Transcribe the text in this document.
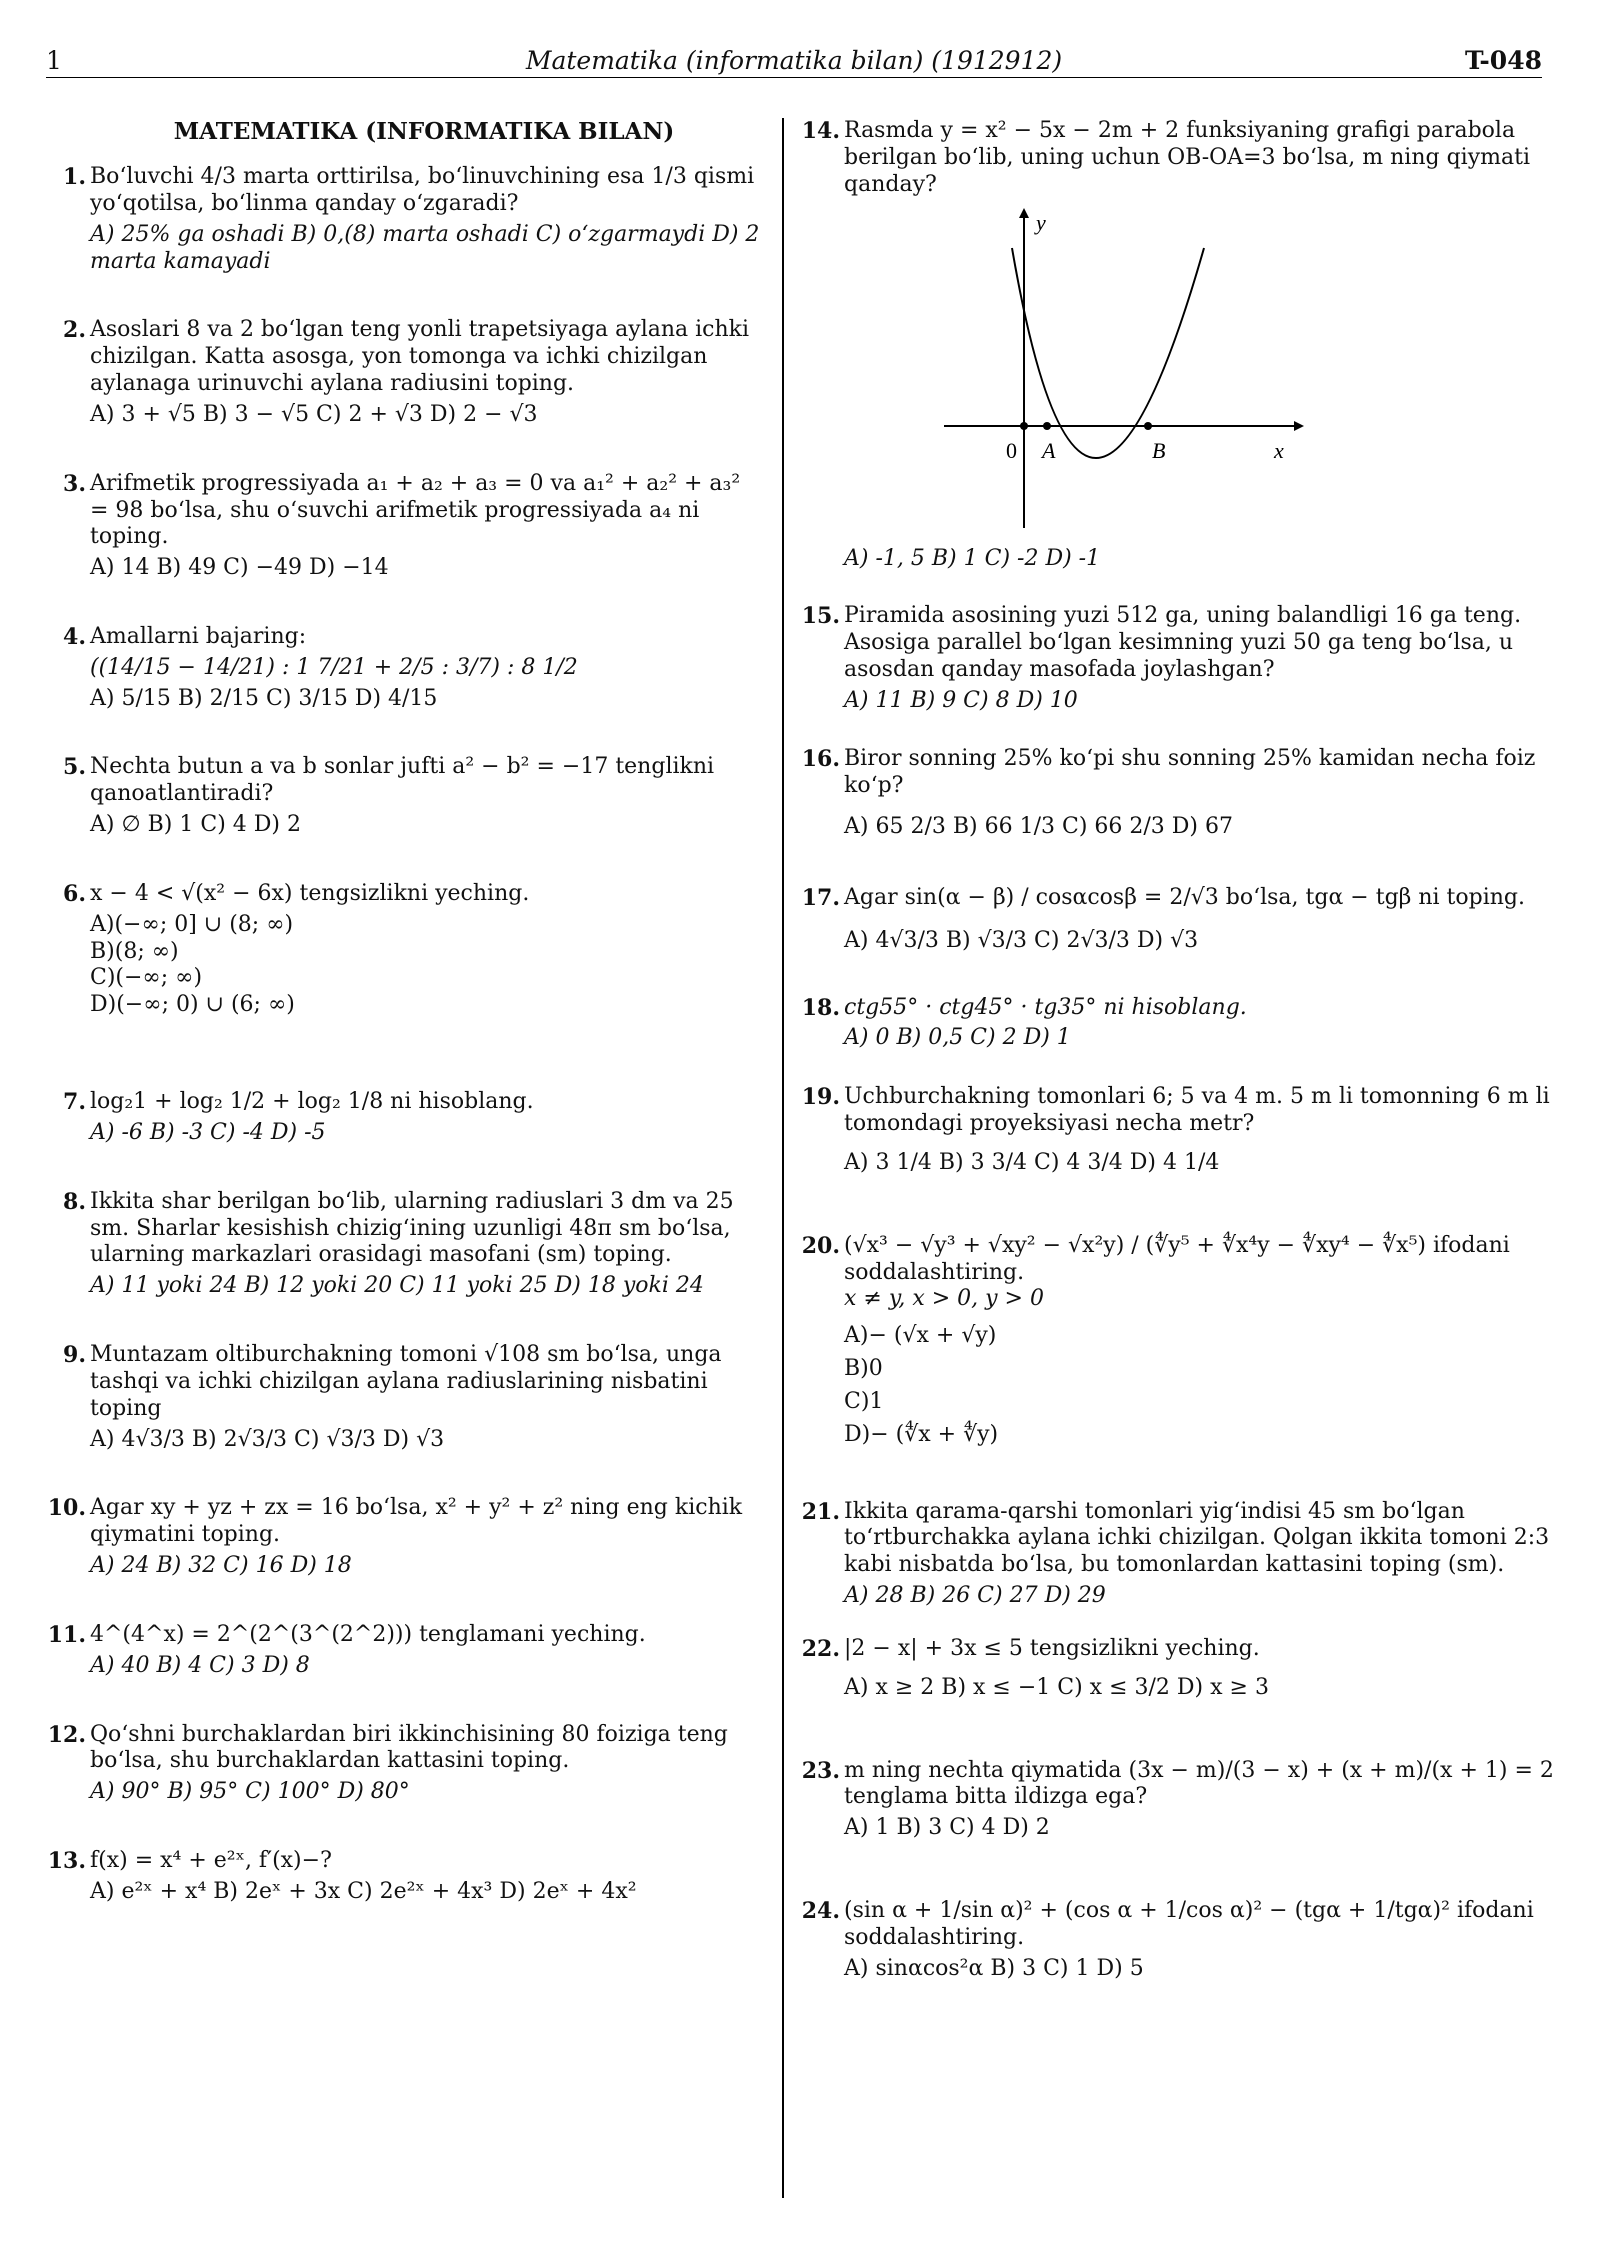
1	Matematika (informatika bilan) (1912912)	T-048
MATEMATIKA (INFORMATIKA BILAN)
1. Bo‘luvchi 4/3 marta orttirilsa, bo‘linuvchining esa 1/3 qismi yo‘qotilsa, bo‘linma qanday o‘zgaradi?
A) 25% ga oshadi B) 0,(8) marta oshadi C) o‘zgarmaydi D) 2 marta kamayadi
2. Asoslari 8 va 2 bo‘lgan teng yonli trapetsiyaga aylana ichki chizilgan. Katta asosga, yon tomonga va ichki chizilgan aylanaga urinuvchi aylana radiusini toping.
A) 3 + √5 B) 3 − √5 C) 2 + √3 D) 2 − √3
3. Arifmetik progressiyada a₁ + a₂ + a₃ = 0 va a₁² + a₂² + a₃² = 98 bo‘lsa, shu o‘suvchi arifmetik progressiyada a₄ ni toping.
A) 14 B) 49 C) −49 D) −14
4. Amallarni bajaring:
((14/15 − 14/21) : 1 7/21 + 2/5 : 3/7) : 8 1/2
A) 5/15 B) 2/15 C) 3/15 D) 4/15
5. Nechta butun a va b sonlar jufti a² − b² = −17 tenglikni qanoatlantiradi?
A) ∅ B) 1 C) 4 D) 2
6. x − 4 < √(x² − 6x) tengsizlikni yeching.
A)(−∞; 0] ∪ (8; ∞)
B)(8; ∞)
C)(−∞; ∞)
D)(−∞; 0) ∪ (6; ∞)
7. log₂1 + log₂ 1/2 + log₂ 1/8 ni hisoblang.
A) -6 B) -3 C) -4 D) -5
8. Ikkita shar berilgan bo‘lib, ularning radiuslari 3 dm va 25 sm. Sharlar kesishish chizig‘ining uzunligi 48π sm bo‘lsa, ularning markazlari orasidagi masofani (sm) toping.
A) 11 yoki 24 B) 12 yoki 20 C) 11 yoki 25 D) 18 yoki 24
9. Muntazam oltiburchakning tomoni √108 sm bo‘lsa, unga tashqi va ichki chizilgan aylana radiuslarining nisbatini toping
A) 4√3/3 B) 2√3/3 C) √3/3 D) √3
10. Agar xy + yz + zx = 16 bo‘lsa, x² + y² + z² ning eng kichik qiymatini toping.
A) 24 B) 32 C) 16 D) 18
11. 4^(4^x) = 2^(2^(3^(2^2))) tenglamani yeching.
A) 40 B) 4 C) 3 D) 8
12. Qo‘shni burchaklardan biri ikkinchisining 80 foiziga teng bo‘lsa, shu burchaklardan kattasini toping.
A) 90° B) 95° C) 100° D) 80°
13. f(x) = x⁴ + e²ˣ, f′(x)−?
A) e²ˣ + x⁴ B) 2eˣ + 3x C) 2e²ˣ + 4x³ D) 2eˣ + 4x²
14. Rasmda y = x² − 5x − 2m + 2 funksiyaning grafigi parabola berilgan bo‘lib, uning uchun OB-OA=3 bo‘lsa, m ning qiymati qanday?
y
x
0 A	B
A) -1, 5 B) 1 C) -2 D) -1
15. Piramida asosining yuzi 512 ga, uning balandligi 16 ga teng. Asosiga parallel bo‘lgan kesimning yuzi 50 ga teng bo‘lsa, u asosdan qanday masofada joylashgan?
A) 11 B) 9 C) 8 D) 10
16. Biror sonning 25% ko‘pi shu sonning 25% kamidan necha foiz ko‘p?
A) 65 2/3 B) 66 1/3 C) 66 2/3 D) 67
17. Agar sin(α − β) / cosαcosβ = 2/√3 bo‘lsa, tgα − tgβ ni toping.
A) 4√3/3 B) √3/3 C) 2√3/3 D) √3
18. ctg55° · ctg45° · tg35° ni hisoblang.
A) 0 B) 0,5 C) 2 D) 1
19. Uchburchakning tomonlari 6; 5 va 4 m. 5 m li tomonning 6 m li tomondagi proyeksiyasi necha metr?
A) 3 1/4 B) 3 3/4 C) 4 3/4 D) 4 1/4
20. (√x³ − √y³ + √xy² − √x²y) / (∜y⁵ + ∜x⁴y − ∜xy⁴ − ∜x⁵) ifodani soddalashtiring.
x ≠ y, x > 0, y > 0
A)− (√x + √y)
B)0
C)1
D)− (∜x + ∜y)
21. Ikkita qarama-qarshi tomonlari yig‘indisi 45 sm bo‘lgan to‘rtburchakka aylana ichki chizilgan. Qolgan ikkita tomoni 2:3 kabi nisbatda bo‘lsa, bu tomonlardan kattasini toping (sm).
A) 28 B) 26 C) 27 D) 29
22. |2 − x| + 3x ≤ 5 tengsizlikni yeching.
A) x ≥ 2 B) x ≤ −1 C) x ≤ 3/2 D) x ≥ 3
23. m ning nechta qiymatida (3x − m)/(3 − x) + (x + m)/(x + 1) = 2 tenglama bitta ildizga ega?
A) 1 B) 3 C) 4 D) 2
24. (sin α + 1/sin α)² + (cos α + 1/cos α)² − (tgα + 1/tgα)² ifodani soddalashtiring.
A) sinαcos²α B) 3 C) 1 D) 5
